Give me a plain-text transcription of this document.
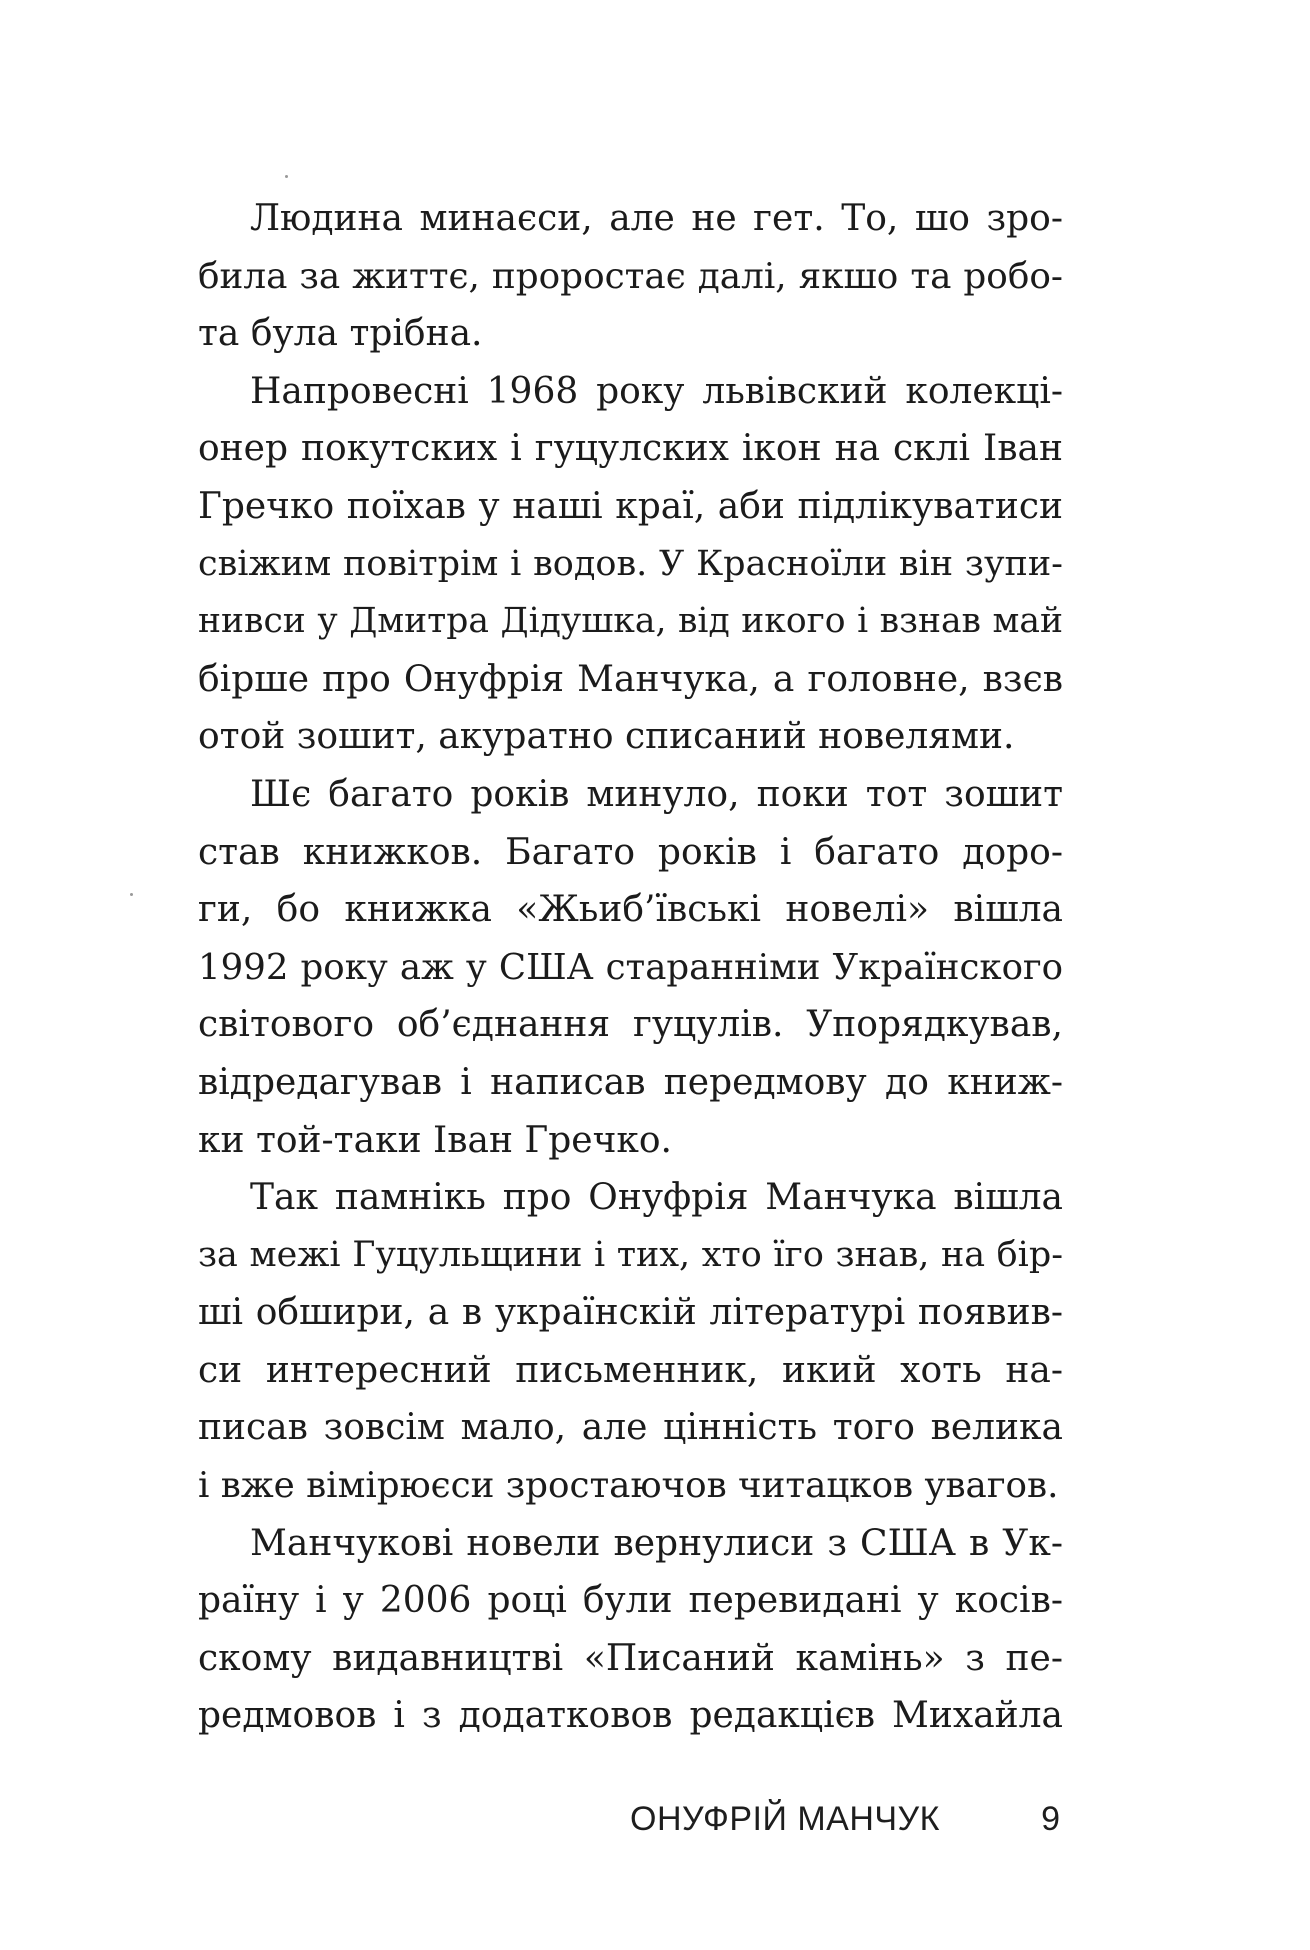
Людина минаєси, але не гет. То, шо зро-
била за життє, проростає далі, якшо та робо-
та була трібна.
Напровесні 1968 року львівский колекці-
онер покутских і гуцулских ікон на склі Іван
Гречко поїхав у наші краї, аби підлікуватиси
свіжим повітрім і водов. У Красноїли він зупи-
нивси у Дмитра Дідушка, від икого і взнав май
бірше про Онуфрія Манчука, а головне, взєв
отой зошит, акуратно списаний новелями.
Шє багато років минуло, поки тот зошит
став книжков. Багато років і багато доро-
ги, бо книжка «Жьиб’ївські новелі» вішла
1992 року аж у США старанніми Українского
світового об’єднання гуцулів. Упорядкував,
відредагував і написав передмову до книж-
ки той-таки Іван Гречко.
Так памнікь про Онуфрія Манчука вішла
за межі Гуцульщини і тих, хто їго знав, на бір-
ші обшири, а в українскій літературі появив-
си интересний письменник, икий хоть на-
писав зовсім мало, але цінність того велика
і вже вімірюєси зростаючов читацков увагов.
Манчукові новели вернулиси з США в Ук-
раїну і у 2006 році були перевидані у косів-
скому видавництві «Писаний камінь» з пе-
редмовов і з додатковов редакцієв Михайла
ОНУФРІЙ МАНЧУК	9
